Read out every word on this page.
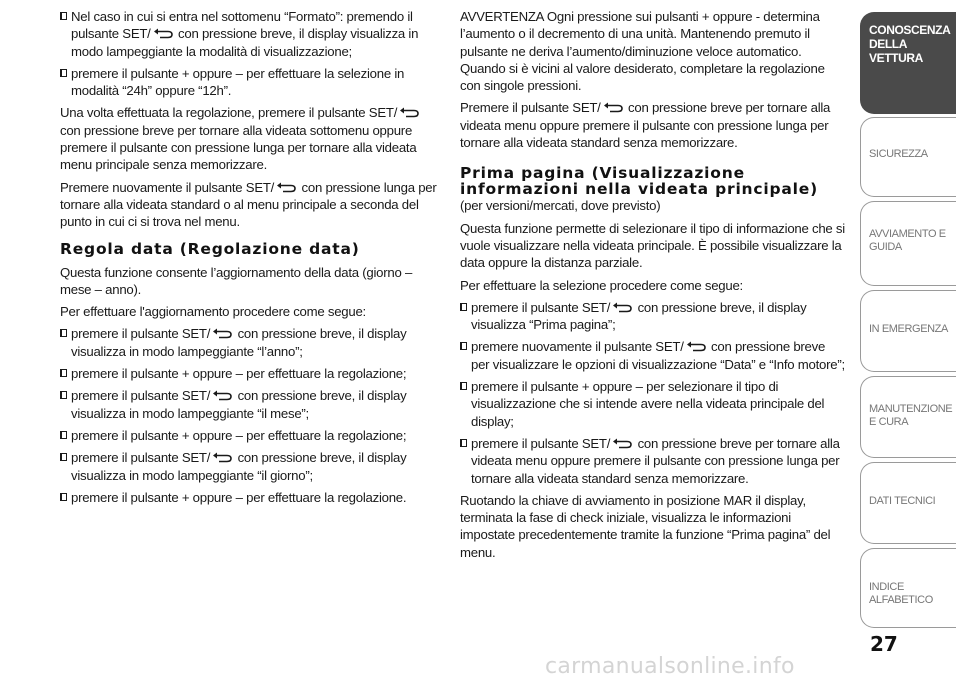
Nel caso in cui si entra nel sottomenu “Formato”: premendo il pulsante SET/ con pressione breve, il display visualizza in modo lampeggiante la modalità di visualizzazione;
premere il pulsante + oppure – per effettuare la selezione in modalità “24h” oppure “12h”.
Una volta effettuata la regolazione, premere il pulsante SET/
con pressione breve per tornare alla videata sottomenu oppure premere il pulsante con pressione lunga per tornare alla videata menu principale senza memorizzare.
Premere nuovamente il pulsante SET/ con pressione lunga per tornare alla videata standard o al menu principale a seconda del punto in cui ci si trova nel menu.
Regola data (Regolazione data)
Questa funzione consente l’aggiornamento della data (giorno – mese – anno).
Per effettuare l'aggiornamento procedere come segue:
premere il pulsante SET/ con pressione breve, il display visualizza in modo lampeggiante “l’anno”;
premere il pulsante + oppure – per effettuare la regolazione;
premere il pulsante SET/ con pressione breve, il display visualizza in modo lampeggiante “il mese”;
premere il pulsante + oppure – per effettuare la regolazione;
premere il pulsante SET/ con pressione breve, il display visualizza in modo lampeggiante “il giorno”;
premere il pulsante + oppure – per effettuare la regolazione.
AVVERTENZA Ogni pressione sui pulsanti + oppure - determina l’aumento o il decremento di una unità. Mantenendo premuto il pulsante ne deriva l’aumento/diminuzione veloce automatico. Quando si è vicini al valore desiderato, completare la regolazione con singole pressioni.
Premere il pulsante SET/ con pressione breve per tornare alla videata menu oppure premere il pulsante con pressione lunga per tornare alla videata standard senza memorizzare.
Prima pagina (Visualizzazione informazioni nella videata principale)
(per versioni/mercati, dove previsto)
Questa funzione permette di selezionare il tipo di informazione che si vuole visualizzare nella videata principale. È possibile visualizzare la data oppure la distanza parziale.
Per effettuare la selezione procedere come segue:
premere il pulsante SET/ con pressione breve, il display visualizza “Prima pagina”;
premere nuovamente il pulsante SET/ con pressione breve per visualizzare le opzioni di visualizzazione “Data” e “Info motore”;
premere il pulsante + oppure – per selezionare il tipo di visualizzazione che si intende avere nella videata principale del display;
premere il pulsante SET/ con pressione breve per tornare alla videata menu oppure premere il pulsante con pressione lunga per tornare alla videata standard senza memorizzare.
Ruotando la chiave di avviamento in posizione MAR il display, terminata la fase di check iniziale, visualizza le informazioni impostate precedentemente tramite la funzione “Prima pagina” del menu.
CONOSCENZA DELLA VETTURA
SICUREZZA
AVVIAMENTO E GUIDA
IN EMERGENZA
MANUTENZIONE E CURA
DATI TECNICI
INDICE ALFABETICO
27
carmanualsonline.info
